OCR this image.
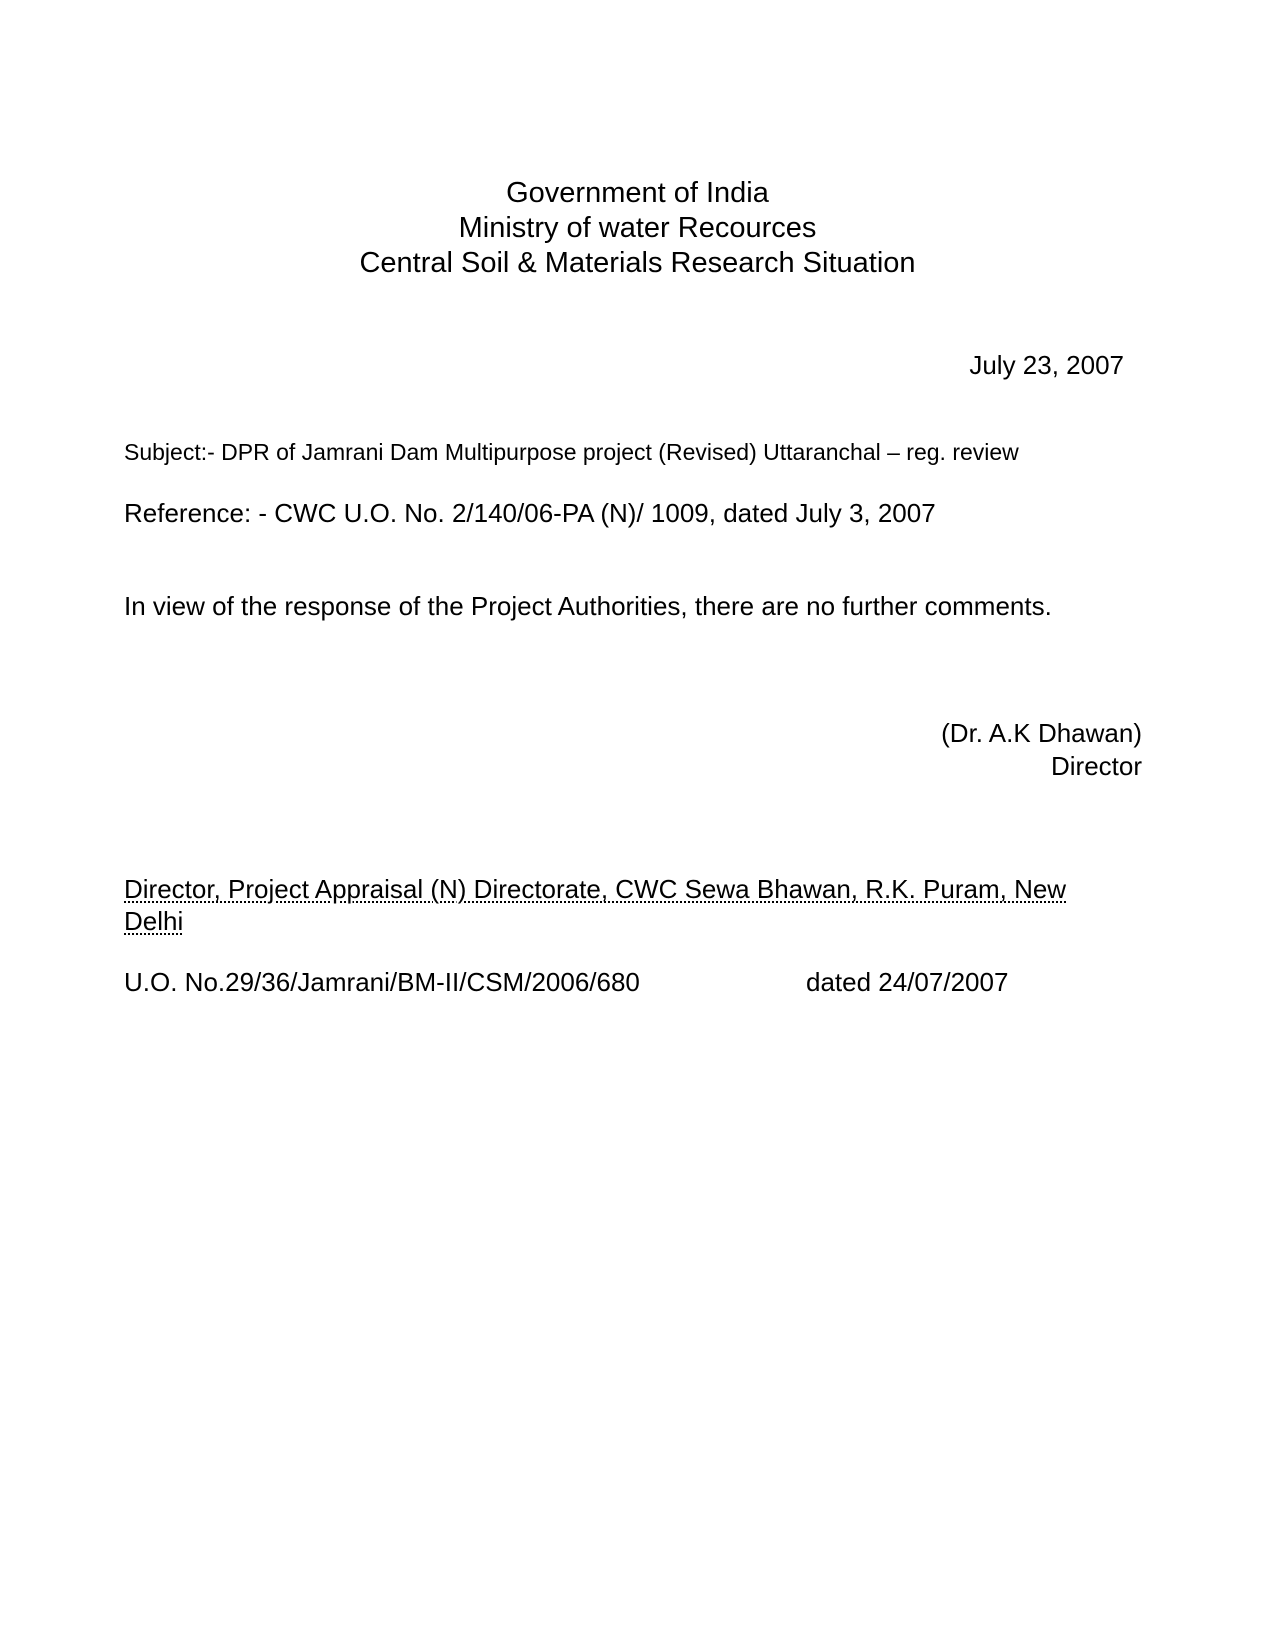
Government of India
Ministry of water Recources
Central Soil & Materials Research Situation
July 23, 2007
Subject:- DPR of Jamrani Dam Multipurpose project (Revised) Uttaranchal – reg. review
Reference: - CWC U.O. No. 2/140/06-PA (N)/ 1009, dated July 3, 2007
In view of the response of the Project Authorities, there are no further comments.
(Dr. A.K Dhawan)
Director
Director, Project Appraisal (N) Directorate, CWC Sewa Bhawan, R.K. Puram, New Delhi
U.O. No.29/36/Jamrani/BM-II/CSM/2006/680	dated 24/07/2007
